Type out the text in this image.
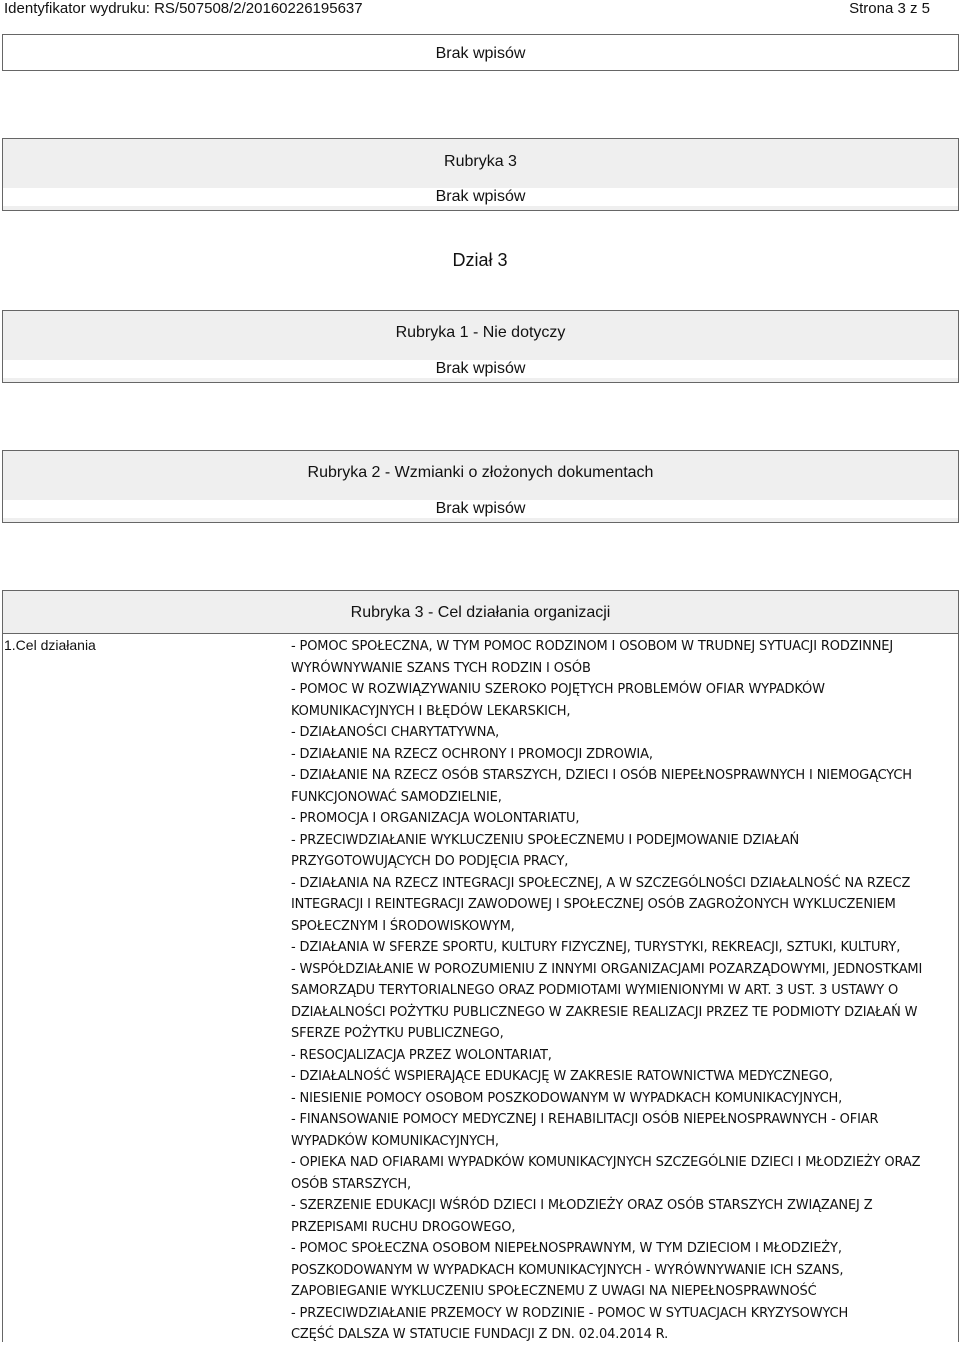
Identyfikator wydruku: RS/507508/2/20160226195637	Strona 3 z 5
Brak wpisów
Rubryka 3
Brak wpisów
Dział 3
Rubryka 1 - Nie dotyczy
Brak wpisów
Rubryka 2 - Wzmianki o złożonych dokumentach
Brak wpisów
Rubryka 3 - Cel działania organizacji
1.Cel działania	- POMOC SPOŁECZNA, W TYM POMOC RODZINOM I OSOBOM W TRUDNEJ SYTUACJI RODZINNEJ
WYRÓWNYWANIE SZANS TYCH RODZIN I OSÓB
- POMOC W ROZWIĄZYWANIU SZEROKO POJĘTYCH PROBLEMÓW OFIAR WYPADKÓW
KOMUNIKACYJNYCH I BŁĘDÓW LEKARSKICH,
- DZIAŁANOŚCI CHARYTATYWNA,
- DZIAŁANIE NA RZECZ OCHRONY I PROMOCJI ZDROWIA,
- DZIAŁANIE NA RZECZ OSÓB STARSZYCH, DZIECI I OSÓB NIEPEŁNOSPRAWNYCH I NIEMOGĄCYCH
FUNKCJONOWAĆ SAMODZIELNIE,
- PROMOCJA I ORGANIZACJA WOLONTARIATU,
- PRZECIWDZIAŁANIE WYKLUCZENIU SPOŁECZNEMU I PODEJMOWANIE DZIAŁAŃ
PRZYGOTOWUJĄCYCH DO PODJĘCIA PRACY,
- DZIAŁANIA NA RZECZ INTEGRACJI SPOŁECZNEJ, A W SZCZEGÓLNOŚCI DZIAŁALNOŚĆ NA RZECZ
INTEGRACJI I REINTEGRACJI ZAWODOWEJ I SPOŁECZNEJ OSÓB ZAGROŻONYCH WYKLUCZENIEM
SPOŁECZNYM I ŚRODOWISKOWYM,
- DZIAŁANIA W SFERZE SPORTU, KULTURY FIZYCZNEJ, TURYSTYKI, REKREACJI, SZTUKI, KULTURY,
- WSPÓŁDZIAŁANIE W POROZUMIENIU Z INNYMI ORGANIZACJAMI POZARZĄDOWYMI, JEDNOSTKAMI
SAMORZĄDU TERYTORIALNEGO ORAZ PODMIOTAMI WYMIENIONYMI W ART. 3 UST. 3 USTAWY O
DZIAŁALNOŚCI POŻYTKU PUBLICZNEGO W ZAKRESIE REALIZACJI PRZEZ TE PODMIOTY DZIAŁAŃ W
SFERZE POŻYTKU PUBLICZNEGO,
- RESOCJALIZACJA PRZEZ WOLONTARIAT,
- DZIAŁALNOŚĆ WSPIERAJĄCE EDUKACJĘ W ZAKRESIE RATOWNICTWA MEDYCZNEGO,
- NIESIENIE POMOCY OSOBOM POSZKODOWANYM W WYPADKACH KOMUNIKACYJNYCH,
- FINANSOWANIE POMOCY MEDYCZNEJ I REHABILITACJI OSÓB NIEPEŁNOSPRAWNYCH - OFIAR
WYPADKÓW KOMUNIKACYJNYCH,
- OPIEKA NAD OFIARAMI WYPADKÓW KOMUNIKACYJNYCH SZCZEGÓLNIE DZIECI I MŁODZIEŻY ORAZ
OSÓB STARSZYCH,
- SZERZENIE EDUKACJI WŚRÓD DZIECI I MŁODZIEŻY ORAZ OSÓB STARSZYCH ZWIĄZANEJ Z
PRZEPISAMI RUCHU DROGOWEGO,
- POMOC SPOŁECZNA OSOBOM NIEPEŁNOSPRAWNYM, W TYM DZIECIOM I MŁODZIEŻY,
POSZKODOWANYM W WYPADKACH KOMUNIKACYJNYCH - WYRÓWNYWANIE ICH SZANS,
ZAPOBIEGANIE WYKLUCZENIU SPOŁECZNEMU Z UWAGI NA NIEPEŁNOSPRAWNOŚĆ
- PRZECIWDZIAŁANIE PRZEMOCY W RODZINIE - POMOC W SYTUACJACH KRYZYSOWYCH
CZĘŚĆ DALSZA W STATUCIE FUNDACJI Z DN. 02.04.2014 R.
